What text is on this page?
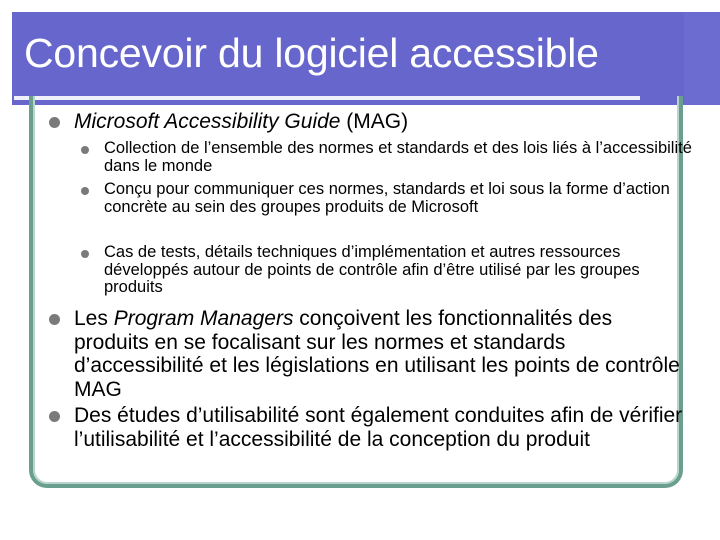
Concevoir du logiciel accessible

Microsoft Accessibility Guide (MAG)

Collection de l’ensemble des normes et standards et des lois liés à l’accessibilité dans le monde

Conçu pour communiquer ces normes, standards et loi sous la forme d’action concrète au sein des groupes produits de Microsoft

Cas de tests, détails techniques d’implémentation et autres ressources développés autour de points de contrôle afin d’être utilisé par les groupes produits

Les Program Managers conçoivent les fonctionnalités des produits en se focalisant sur les normes et standards d’accessibilité et les législations en utilisant les points de contrôle MAG

Des études d’utilisabilité sont également conduites afin de vérifier l’utilisabilité et l’accessibilité de la conception du produit
